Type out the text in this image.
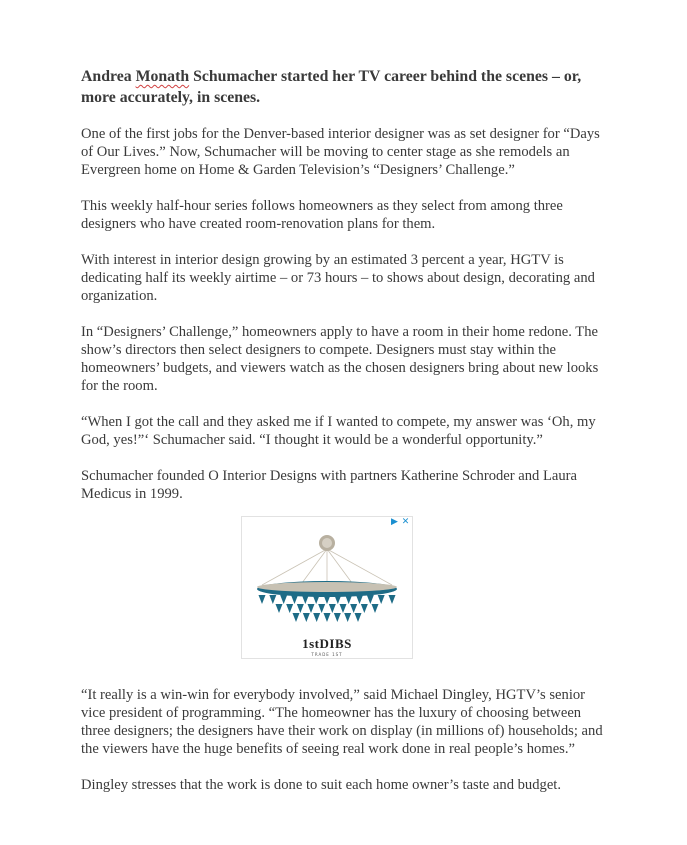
Andrea Monath Schumacher started her TV career behind the scenes – or, more accurately, in scenes.

One of the first jobs for the Denver-based interior designer was as set designer for “Days of Our Lives.” Now, Schumacher will be moving to center stage as she remodels an Evergreen home on Home & Garden Television’s “Designers’ Challenge.”

This weekly half-hour series follows homeowners as they select from among three designers who have created room-renovation plans for them.

With interest in interior design growing by an estimated 3 percent a year, HGTV is dedicating half its weekly airtime – or 73 hours – to shows about design, decorating and organization.

In “Designers’ Challenge,” homeowners apply to have a room in their home redone. The show’s directors then select designers to compete. Designers must stay within the homeowners’ budgets, and viewers watch as the chosen designers bring about new looks for the room.

“When I got the call and they asked me if I wanted to compete, my answer was ‘Oh, my God, yes!”‘ Schumacher said. “I thought it would be a wonderful opportunity.”

Schumacher founded O Interior Designs with partners Katherine Schroder and Laura Medicus in 1999.

▶ ✕
1stDIBS
TRADE 1ST

“It really is a win-win for everybody involved,” said Michael Dingley, HGTV’s senior vice president of programming. “The homeowner has the luxury of choosing between three designers; the designers have their work on display (in millions of) households; and the viewers have the huge benefits of seeing real work done in real people’s homes.”

Dingley stresses that the work is done to suit each home owner’s taste and budget.
